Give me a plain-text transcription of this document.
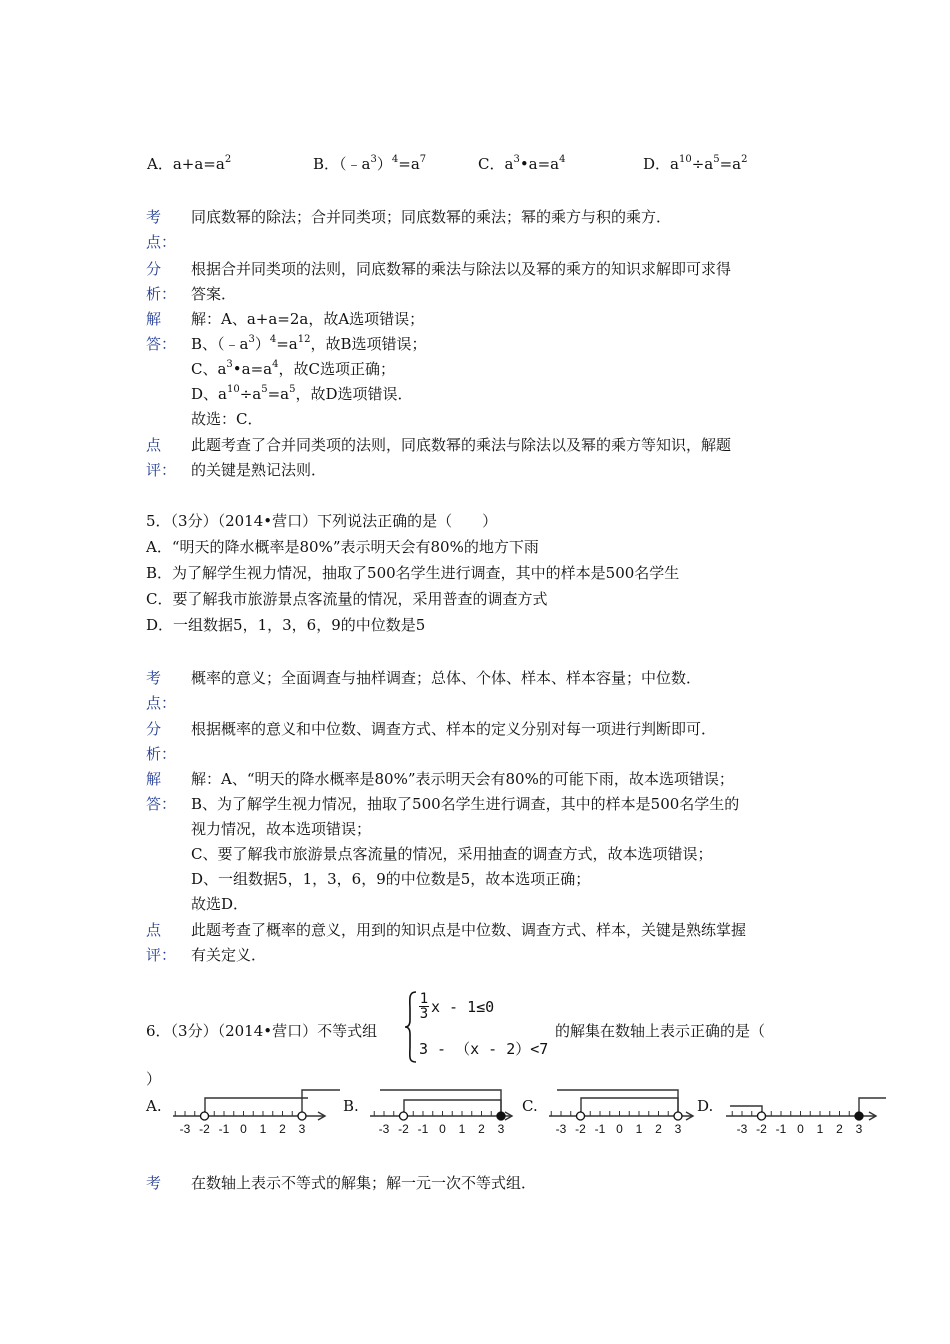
A．$a+a=a^2$	B．$(﹣a^3)^4=a^7$	C．$a^3•a=a^4$	D．$a^{10}\div a^5=a^2$
考
点：
同底数幂的除法；合并同类项；同底数幂的乘法；幂的乘方与积的乘方．
分
析：
根据合并同类项的法则，同底数幂的乘法与除法以及幂的乘方的知识求解即可求得
答案．
解
答：
解：A、a+a=2a，故A选项错误；
B、$(﹣a^3)^4=a^{12}$，故B选项错误；
C、$a^3•a=a^4$，故C选项正确；
D、$a^{10}\div a^5=a^5$，故D选项错误．
故选：C．
点
评：
此题考查了合并同类项的法则，同底数幂的乘法与除法以及幂的乘方等知识，解题
的关键是熟记法则．
5．（3分）（2014•营口）下列说法正确的是（　　）
A．“明天的降水概率是80%”表示明天会有80%的地方下雨
B．为了解学生视力情况，抽取了500名学生进行调查，其中的样本是500名学生
C．要了解我市旅游景点客流量的情况，采用普查的调查方式
D．一组数据5，1，3，6，9的中位数是5
考
点：
概率的意义；全面调查与抽样调查；总体、个体、样本、样本容量；中位数．
分
析：
根据概率的意义和中位数、调查方式、样本的定义分别对每一项进行判断即可．
解
答：
解：A、“明天的降水概率是80%”表示明天会有80%的可能下雨，故本选项错误；
B、为了解学生视力情况，抽取了500名学生进行调查，其中的样本是500名学生的
视力情况，故本选项错误；
C、要了解我市旅游景点客流量的情况，采用抽查的调查方式，故本选项错误；
D、一组数据5，1，3，6，9的中位数是5，故本选项正确；
故选D．
点
评：
此题考查了概率的意义，用到的知识点是中位数、调查方式、样本，关键是熟练掌握
有关定义．
6．（3分）（2014•营口）不等式组
$\frac{1}{3}$ x - 1≤0
3 - （x - 2）<7
的解集在数轴上表示正确的是（
）
A.	B.	C.	D.
-3 -2 -1 0 1 2 3	-3 -2 -1 0 1 2 3	-3 -2 -1 0 1 2 3	-3 -2 -1 0 1 2 3
考 在数轴上表示不等式的解集；解一元一次不等式组．
